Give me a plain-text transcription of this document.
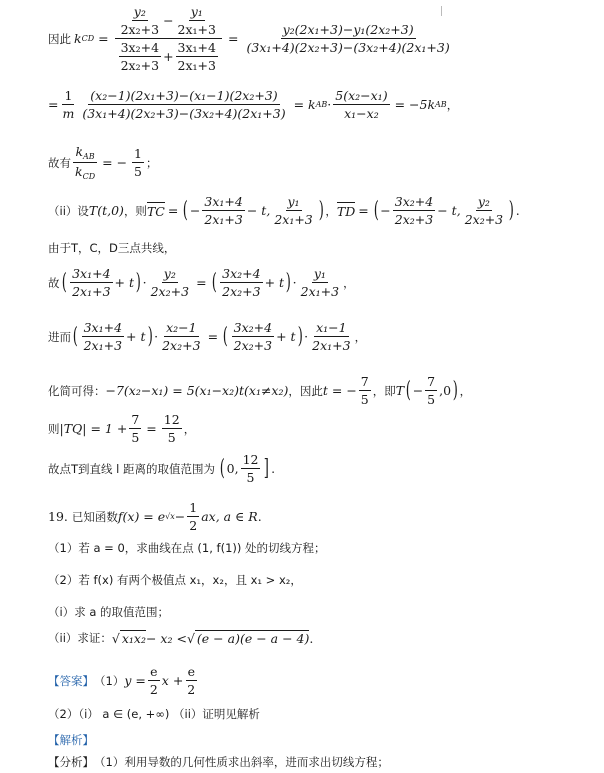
因此 k CD = $\frac{\frac{\text{y₂}}{\text{2x₂+3}} - \frac{\text{y₁}}{\text{2x₁+3}}}{\frac{\text{3x₂+4}}{\text{2x₂+3}} + \frac{\text{3x₁+4}}{\text{2x₁+3}}} = \frac{\text{y₂(2x₁+3)−y₁(2x₂+3)}}{\text{(3x₁+4)(2x₂+3)−(3x₂+4)(2x₁+3)}}$
= $\frac{1}{m} \frac{\text{(x₂−1)(2x₁+3)−(x₁−1)(2x₂+3)}}{\text{(3x₁+4)(2x₂+3)−(3x₂+4)(2x₁+3)}} = k$ AB · $\frac{\text{5(x₂−x₁)}}{\text{x₁−x₂}} = -5k$ AB ，
故有 $\frac{k_{AB}}{k_{CD}}$ = − $\frac{1}{5}$ ；
（ii）设 T(t,0) ，则 TC = ( − $\frac{\text{3x₁+4}}{\text{2x₁+3}} - t$, $\frac{\text{y₁}}{\text{2x₁+3}}$ ) ， TD = ( − $\frac{\text{3x₂+4}}{\text{2x₂+3}} - t$, $\frac{\text{y₂}}{\text{2x₂+3}}$ ) .
由于T，C，D三点共线，
故 ( $\frac{\text{3x₁+4}}{\text{2x₁+3}} + t$ ) · $\frac{\text{y₂}}{\text{2x₂+3}}$ = ( $\frac{\text{3x₂+4}}{\text{2x₂+3}} + t$ ) · $\frac{\text{y₁}}{\text{2x₁+3}}$ ，
进而 ( $\frac{\text{3x₁+4}}{\text{2x₁+3}} + t$ ) · $\frac{\text{x₂−1}}{\text{2x₂+3}}$ = ( $\frac{\text{3x₂+4}}{\text{2x₂+3}} + t$ ) · $\frac{\text{x₁−1}}{\text{2x₁+3}}$ ，
化简可得： −7(x₂−x₁) = 5(x₁−x₂)t(x₁≠x₂) ，因此 t = − $\frac{7}{5}$ ，即 T ( − $\frac{7}{5} ,0$ ) ，
则 $|TQ| = 1 + \frac{7}{5} = \frac{12}{5}$ ，
故点T到直线 l 距离的取值范围为 ( 0, $\frac{12}{5}$ ] .
19. 已知函数 f(x) = e $√x - \frac{1}{2}$ ax, a ∈ R .
（1）若 a = 0，求曲线在点 (1, f(1)) 处的切线方程；
（2）若 f(x) 有两个极值点 x₁，x₂，且 x₁ > x₂，
（i）求 a 的取值范围；
（ii）求证： √ x₁x₂ − x₂ < √ (e − a)(e − a − 4) .
【答案】 （1） $y = \frac{e}{2}$ $x + \frac{e}{2}$
（2）（i） a ∈ (e, +∞) （ii）证明见解析
【解析】
【分析】 （1）利用导数的几何性质求出斜率，进而求出切线方程；
